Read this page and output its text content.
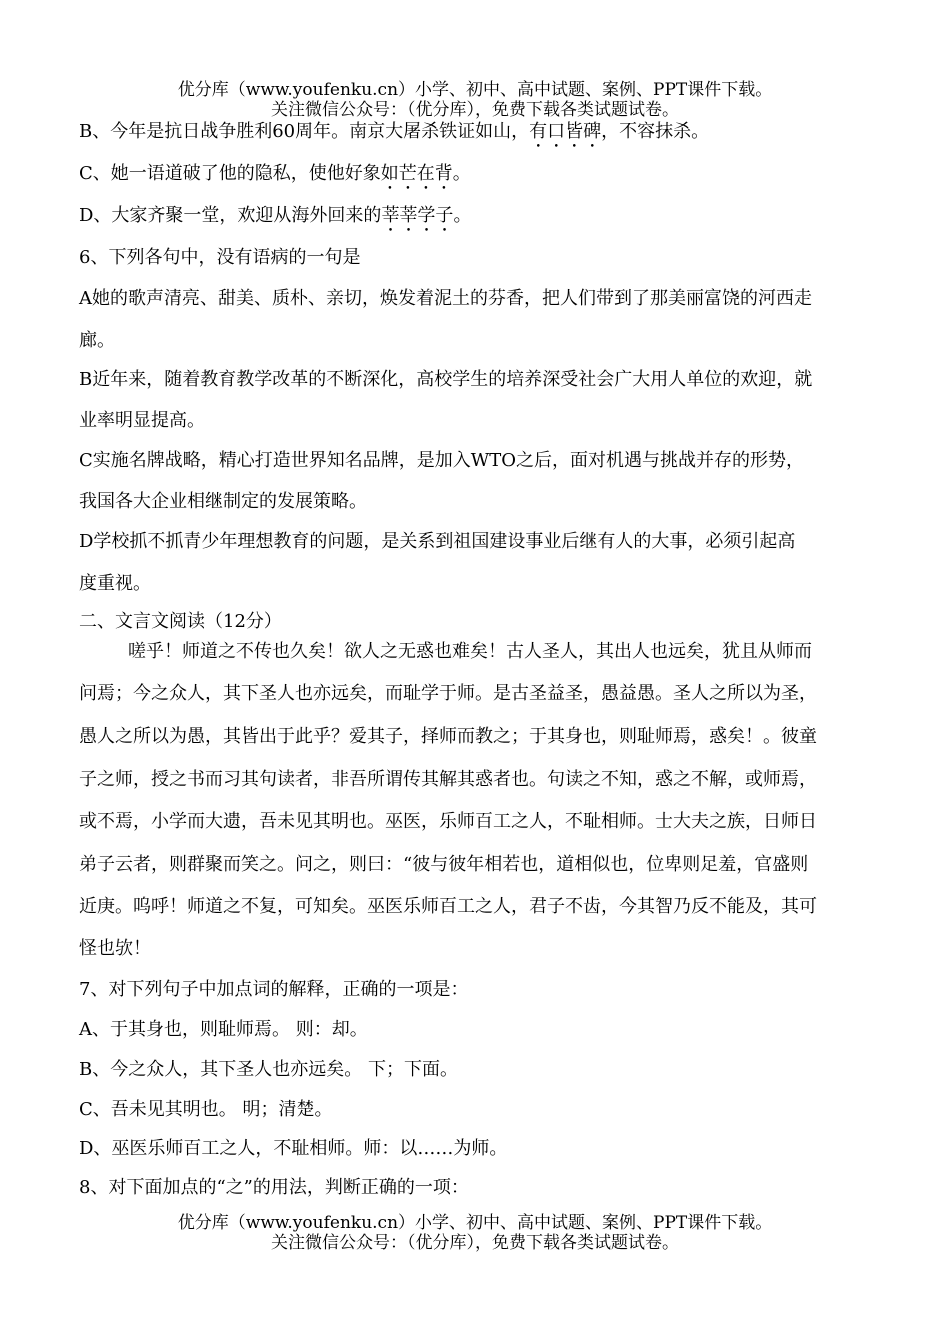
优分库（www.youfenku.cn）小学、初中、高中试题、案例、PPT课件下载。
关注微信公众号：（优分库），免费下载各类试题试卷。
B、今年是抗日战争胜利60周年。南京大屠杀铁证如山，有口皆碑，不容抹杀。
C、她一语道破了他的隐私，使他好象如芒在背。
D、大家齐聚一堂，欢迎从海外回来的莘莘学子。
6、下列各句中，没有语病的一句是
A她的歌声清亮、甜美、质朴、亲切，焕发着泥土的芬香，把人们带到了那美丽富饶的河西走
廊。
B近年来，随着教育教学改革的不断深化，高校学生的培养深受社会广大用人单位的欢迎，就
业率明显提高。
C实施名牌战略，精心打造世界知名品牌，是加入WTO之后，面对机遇与挑战并存的形势，
我国各大企业相继制定的发展策略。
D学校抓不抓青少年理想教育的问题，是关系到祖国建设事业后继有人的大事，必须引起高
度重视。
二、文言文阅读（12分）
嗟乎！师道之不传也久矣！欲人之无惑也难矣！古人圣人，其出人也远矣，犹且从师而
问焉；今之众人，其下圣人也亦远矣，而耻学于师。是古圣益圣，愚益愚。圣人之所以为圣，
愚人之所以为愚，其皆出于此乎？爱其子，择师而教之；于其身也，则耻师焉，惑矣！。彼童
子之师，授之书而习其句读者，非吾所谓传其解其惑者也。句读之不知，惑之不解，或师焉，
或不焉，小学而大遗，吾未见其明也。巫医，乐师百工之人，不耻相师。士大夫之族，日师日
弟子云者，则群聚而笑之。问之，则曰：“彼与彼年相若也，道相似也，位卑则足羞，官盛则
近庚。呜呼！师道之不复，可知矣。巫医乐师百工之人，君子不齿，今其智乃反不能及，其可
怪也欤！
7、对下列句子中加点词的解释，正确的一项是：
A、于其身也，则耻师焉。 则：却。
B、今之众人，其下圣人也亦远矣。 下；下面。
C、吾未见其明也。 明；清楚。
D、巫医乐师百工之人，不耻相师。师：以……为师。
8、对下面加点的“之”的用法，判断正确的一项：
优分库（www.youfenku.cn）小学、初中、高中试题、案例、PPT课件下载。
关注微信公众号：（优分库），免费下载各类试题试卷。
